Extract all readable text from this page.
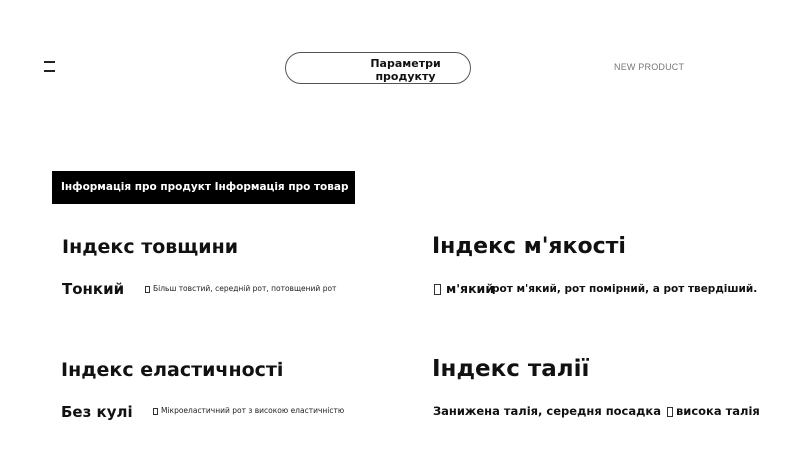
Параметри продукту
NEW PRODUCT
Інформація про продукт Інформація про товар
Індекс товщини
Тонкий	Більш товстий, середній рот, потовщений рот
Індекс м'якості
м'який
рот м'який, рот помірний, а рот твердіший.
Індекс еластичності
Без кулі	Мікроеластичний рот з високою еластичністю
Індекс талії
Занижена талія, середня посадка висока талія
